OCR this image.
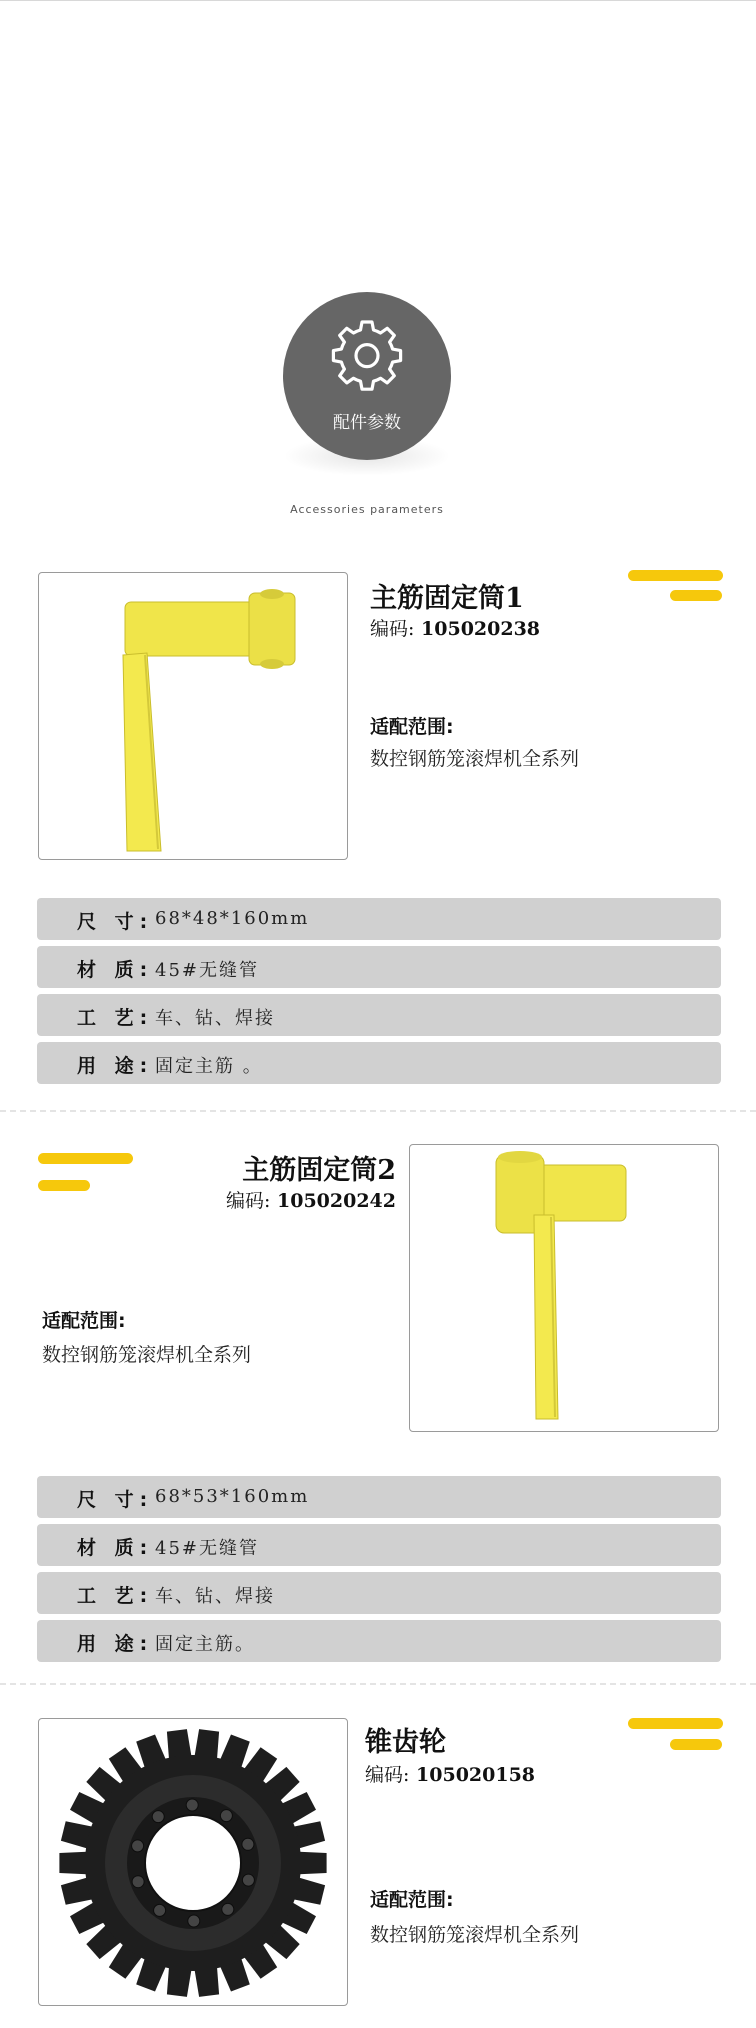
配件参数
Accessories parameters
主筋固定筒1
编码: 105020238
适配范围:
数控钢筋笼滚焊机全系列
尺 寸: 68*48*160mm
材 质: 45#无缝管
工 艺: 车、钻、焊接
用 途: 固定主筋 。
主筋固定筒2
编码: 105020242
适配范围:
数控钢筋笼滚焊机全系列
尺 寸: 68*53*160mm
材 质: 45#无缝管
工 艺: 车、钻、焊接
用 途: 固定主筋。
锥齿轮
编码: 105020158
适配范围:
数控钢筋笼滚焊机全系列
